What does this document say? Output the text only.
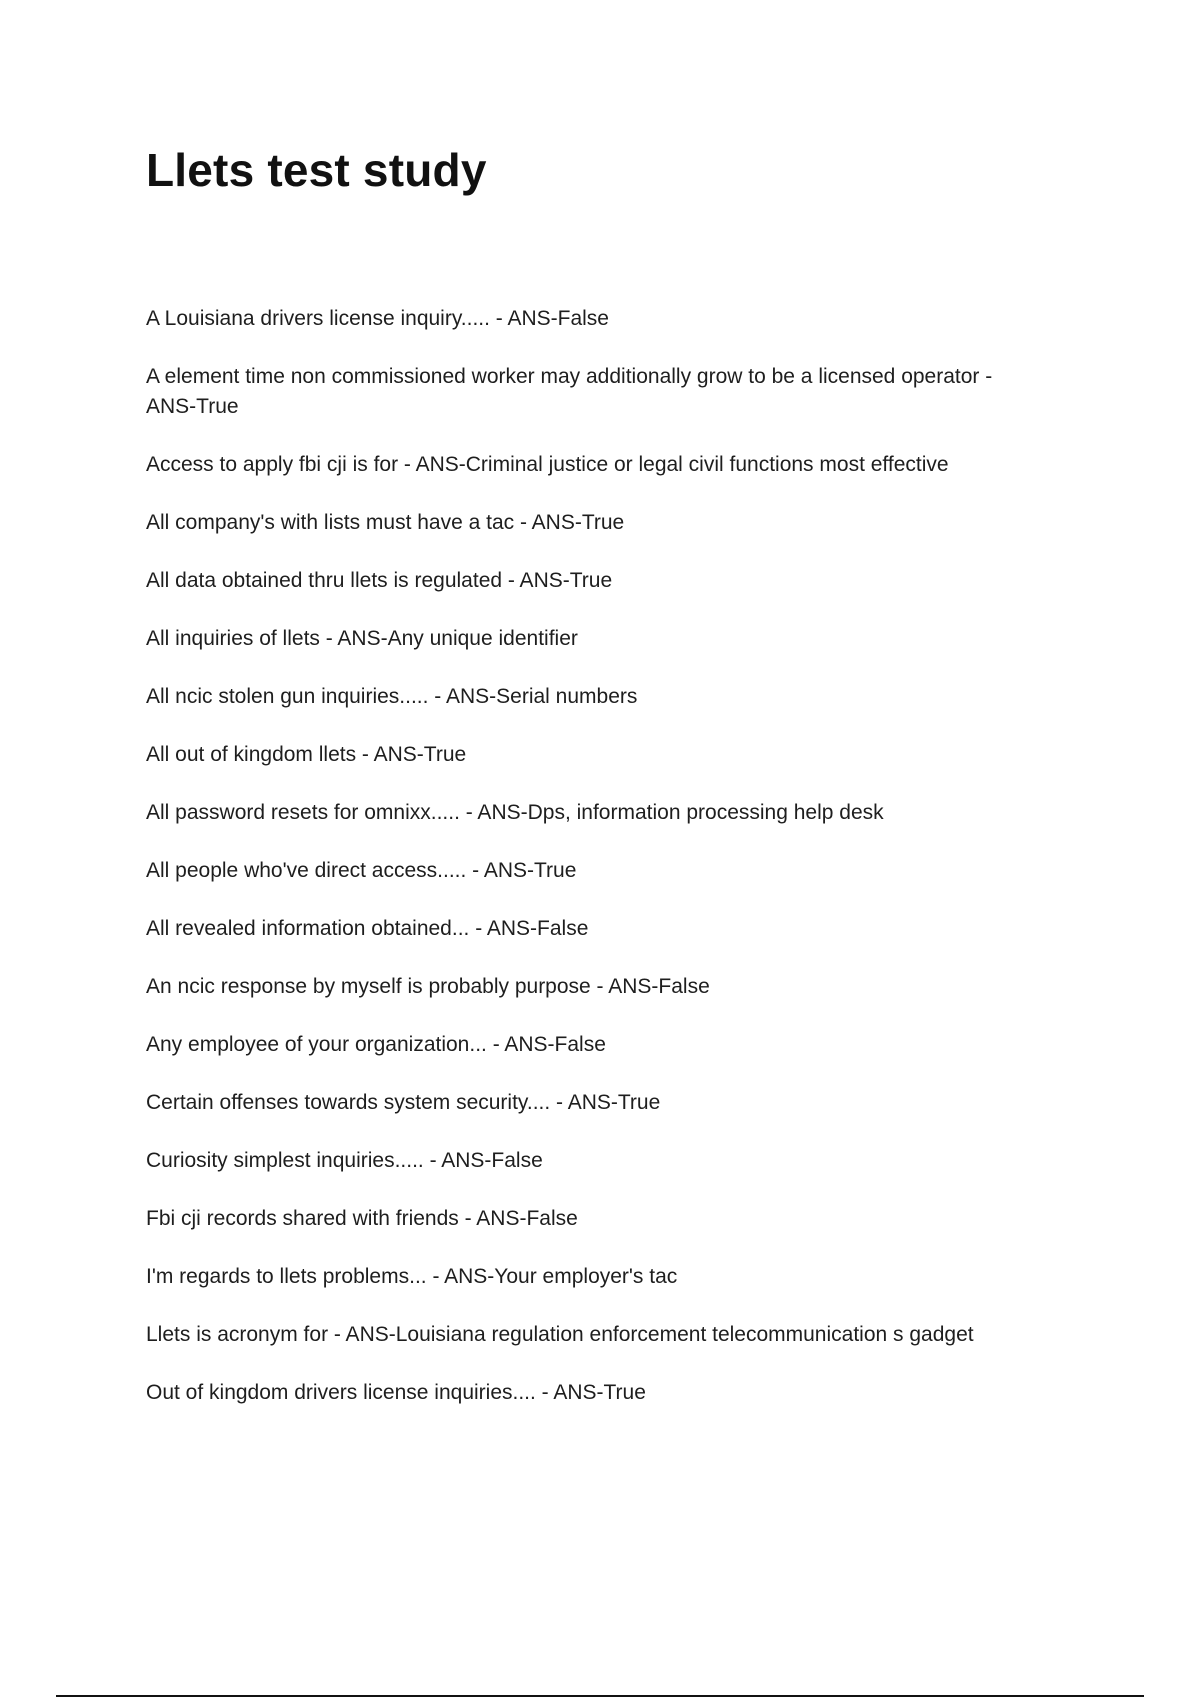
Llets test study
A Louisiana drivers license inquiry..... - ANS-False
A element time non commissioned worker may additionally grow to be a licensed operator - ANS-True
Access to apply fbi cji is for - ANS-Criminal justice or legal civil functions most effective
All company's with lists must have a tac - ANS-True
All data obtained thru llets is regulated - ANS-True
All inquiries of llets - ANS-Any unique identifier
All ncic stolen gun inquiries..... - ANS-Serial numbers
All out of kingdom llets - ANS-True
All password resets for omnixx..... - ANS-Dps, information processing help desk
All people who've direct access..... - ANS-True
All revealed information obtained... - ANS-False
An ncic response by myself is probably purpose - ANS-False
Any employee of your organization... - ANS-False
Certain offenses towards system security.... - ANS-True
Curiosity simplest inquiries..... - ANS-False
Fbi cji records shared with friends - ANS-False
I'm regards to llets problems... - ANS-Your employer's tac
Llets is acronym for - ANS-Louisiana regulation enforcement telecommunication s gadget
Out of kingdom drivers license inquiries.... - ANS-True
